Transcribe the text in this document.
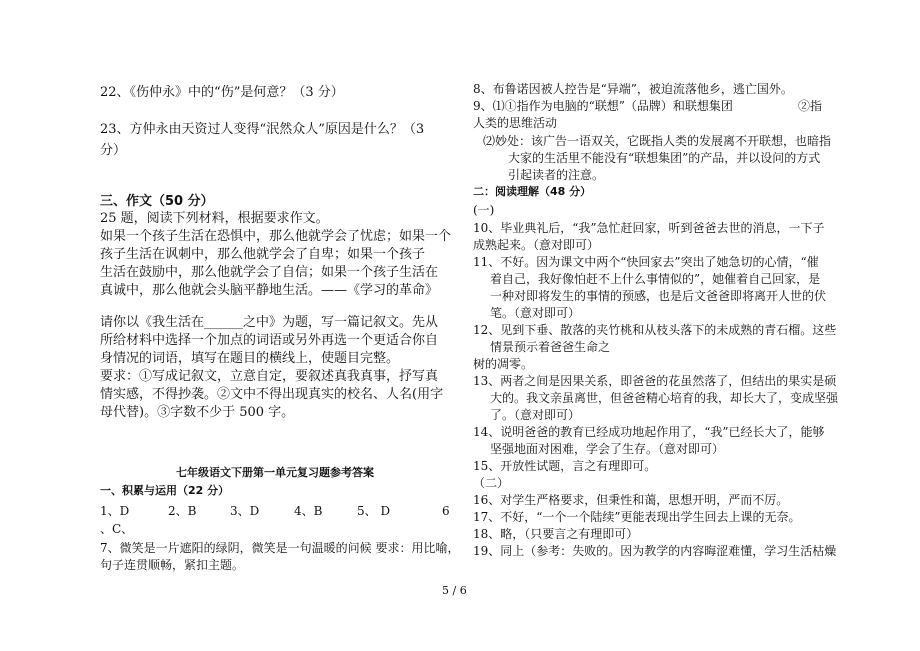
22、《伤仲永》中的“伤”是何意？（3 分）
23、方仲永由天资过人变得“泯然众人”原因是什么？（3
分）
三、作文（50 分）
25 题，阅读下列材料，根据要求作文。
如果一个孩子生活在恐惧中，那么他就学会了忧虑；如果一个
孩子生活在讽刺中，那么他就学会了自卑；如果一个孩子
生活在鼓励中，那么他就学会了自信；如果一个孩子生活在
真诚中，那么他就会头脑平静地生活。——《学习的革命》
请你以《我生活在______之中》为题，写一篇记叙文。先从
所给材料中选择一个加点的词语或另外再选一个更适合你自
身情况的词语，填写在题目的横线上，使题目完整。
要求：①写成记叙文，立意自定，要叙述真我真事，抒写真
情实感，不得抄袭。②文中不得出现真实的校名、人名(用字
母代替)。③字数不少于 500 字。
七年级语文下册第一单元复习题参考答案
一、积累与运用（22 分）
1、D	2、B	3、D	4、B	5、 D	6
、C、
7、微笑是一片遮阳的绿阴，微笑是一句温暖的问候 要求：用比喻，
句子连贯顺畅，紧扣主题。
8、布鲁诺因被人控告是“异端”，被迫流落他乡，逃亡国外。
9、⑴①指作为电脑的“联想”（品牌）和联想集团	②指
人类的思维活动
⑵妙处：该广告一语双关，它既指人类的发展离不开联想，也暗指
大家的生活里不能没有“联想集团”的产品，并以设问的方式
引起读者的注意。
二：阅读理解（48 分）
(一)
10、毕业典礼后，“我”急忙赶回家，听到爸爸去世的消息，一下子
成熟起来。（意对即可）
11、不好。因为课文中两个“快回家去”突出了她急切的心情，“催
着自己，我好像怕赶不上什么事情似的”，她催着自己回家，是
一种对即将发生的事情的预感，也是后文爸爸即将离开人世的伏
笔。（意对即可）
12、见到下垂、散落的夹竹桃和从枝头落下的未成熟的青石榴。这些
情景预示着爸爸生命之
树的凋零。
13、两者之间是因果关系，即爸爸的花虽然落了，但结出的果实是硕
大的。我文亲虽离世，但爸爸精心培育的我，却长大了，变成坚强
了。（意对即可）
14、说明爸爸的教育已经成功地起作用了，“我”已经长大了，能够
坚强地面对困难，学会了生存。（意对即可）
15、开放性试题，言之有理即可。
（二）
16、对学生严格要求，但秉性和蔼，思想开明，严而不厉。
17、不好，“一个一个陆续”更能表现出学生回去上课的无奈。
18、略，（只要言之有理即可）
19、同上（参考：失败的。因为教学的内容晦涩难懂，学习生活枯燥
5 / 6
